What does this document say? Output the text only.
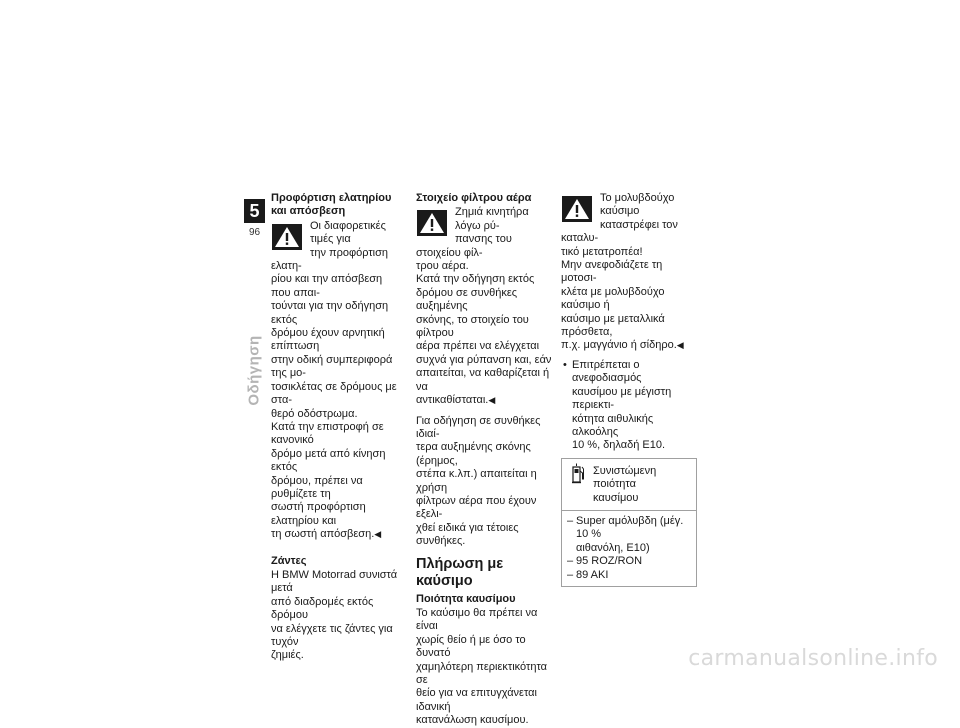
5
96
Οδήγηση
Προφόρτιση ελατηρίου και απόσβεση

Οι διαφορετικές τιμές για

την προφόρτιση ελατη-

ρίου και την απόσβεση που απαι-

τούνται για την οδήγηση εκτός

δρόμου έχουν αρνητική επίπτωση

στην οδική συμπεριφορά της μο-

τοσικλέτας σε δρόμους με στα-

θερό οδόστρωμα.

Κατά την επιστροφή σε κανονικό

δρόμο μετά από κίνηση εκτός

δρόμου, πρέπει να ρυθμίζετε τη

σωστή προφόρτιση ελατηρίου και

τη σωστή απόσβεση.◀

Ζάντες

Η BMW Motorrad συνιστά μετά

από διαδρομές εκτός δρόμου

να ελέγχετε τις ζάντες για τυχόν

ζημιές.

Στοιχείο φίλτρου αέρα

Ζημιά κινητήρα λόγω ρύ-

πανσης του στοιχείου φίλ-

τρου αέρα.

Κατά την οδήγηση εκτός

δρόμου σε συνθήκες αυξημένης

σκόνης, το στοιχείο του φίλτρου

αέρα πρέπει να ελέγχεται

συχνά για ρύπανση και, εάν

απαιτείται, να καθαρίζεται ή να

αντικαθίσταται.◀

Για οδήγηση σε συνθήκες ιδιαί-

τερα αυξημένης σκόνης (έρημος,

στέπα κ.λπ.) απαιτείται η χρήση

φίλτρων αέρα που έχουν εξελι-

χθεί ειδικά για τέτοιες συνθήκες.

Πλήρωση με καύσιμο
Ποιότητα καυσίμου

Το καύσιμο θα πρέπει να είναι

χωρίς θείο ή με όσο το δυνατό

χαμηλότερη περιεκτικότητα σε

θείο για να επιτυγχάνεται ιδανική

κατανάλωση καυσίμου.

Το μολυβδούχο καύσιμο

καταστρέφει τον καταλυ-

τικό μετατροπέα!

Μην ανεφοδιάζετε τη μοτοσι-

κλέτα με μολυβδούχο καύσιμο ή

καύσιμο με μεταλλικά πρόσθετα,

π.χ. μαγγάνιο ή σίδηρο.◀

• Επιτρέπεται ο ανεφοδιασμός

καυσίμου με μέγιστη περιεκτι-

κότητα αιθυλικής αλκοόλης

10 %, δηλαδή E10.

Συνιστώμενη ποιότητα

καυσίμου

– Super αμόλυβδη (μέγ. 10 %

αιθανόλη, E10)

– 95 ROZ/RON

– 89 AKI

carmanualsonline.info
